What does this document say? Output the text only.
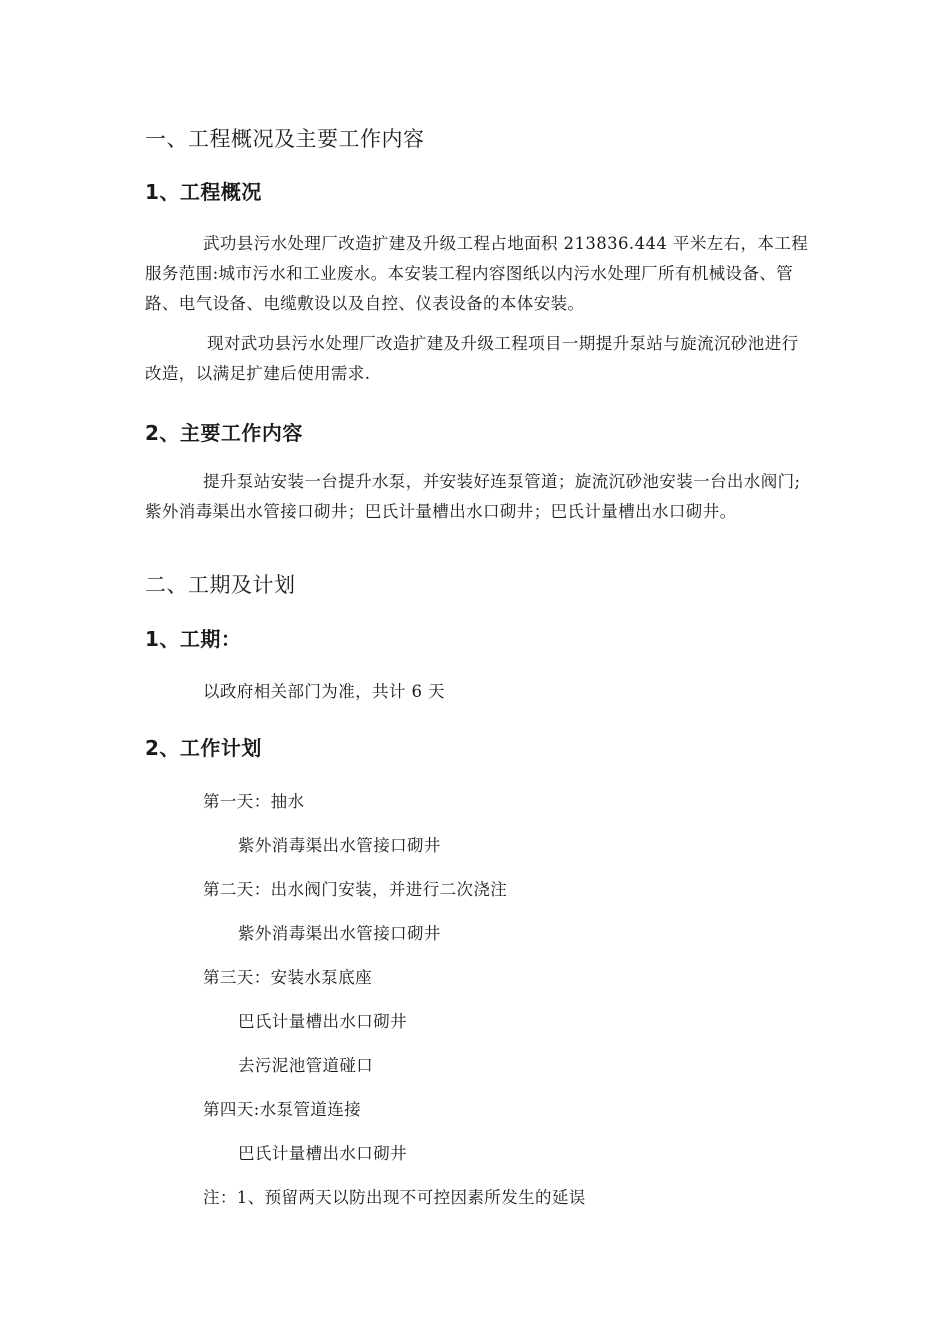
一、工程概况及主要工作内容
1、工程概况

武功县污水处理厂改造扩建及升级工程占地面积 213836.444 平米左右，本工程服务范围:城市污水和工业废水。本安装工程内容图纸以内污水处理厂所有机械设备、管路、电气设备、电缆敷设以及自控、仪表设备的本体安装。

现对武功县污水处理厂改造扩建及升级工程项目一期提升泵站与旋流沉砂池进行改造，以满足扩建后使用需求.

2、主要工作内容

提升泵站安装一台提升水泵，并安装好连泵管道；旋流沉砂池安装一台出水阀门;紫外消毒渠出水管接口砌井；巴氏计量槽出水口砌井；巴氏计量槽出水口砌井。

二、工期及计划
1、工期：
以政府相关部门为准，共计 6 天
2、工作计划
第一天：抽水
紫外消毒渠出水管接口砌井
第二天：出水阀门安装，并进行二次浇注
紫外消毒渠出水管接口砌井
第三天：安装水泵底座
巴氏计量槽出水口砌井
去污泥池管道碰口
第四天:水泵管道连接
巴氏计量槽出水口砌井
注：1、预留两天以防出现不可控因素所发生的延误
